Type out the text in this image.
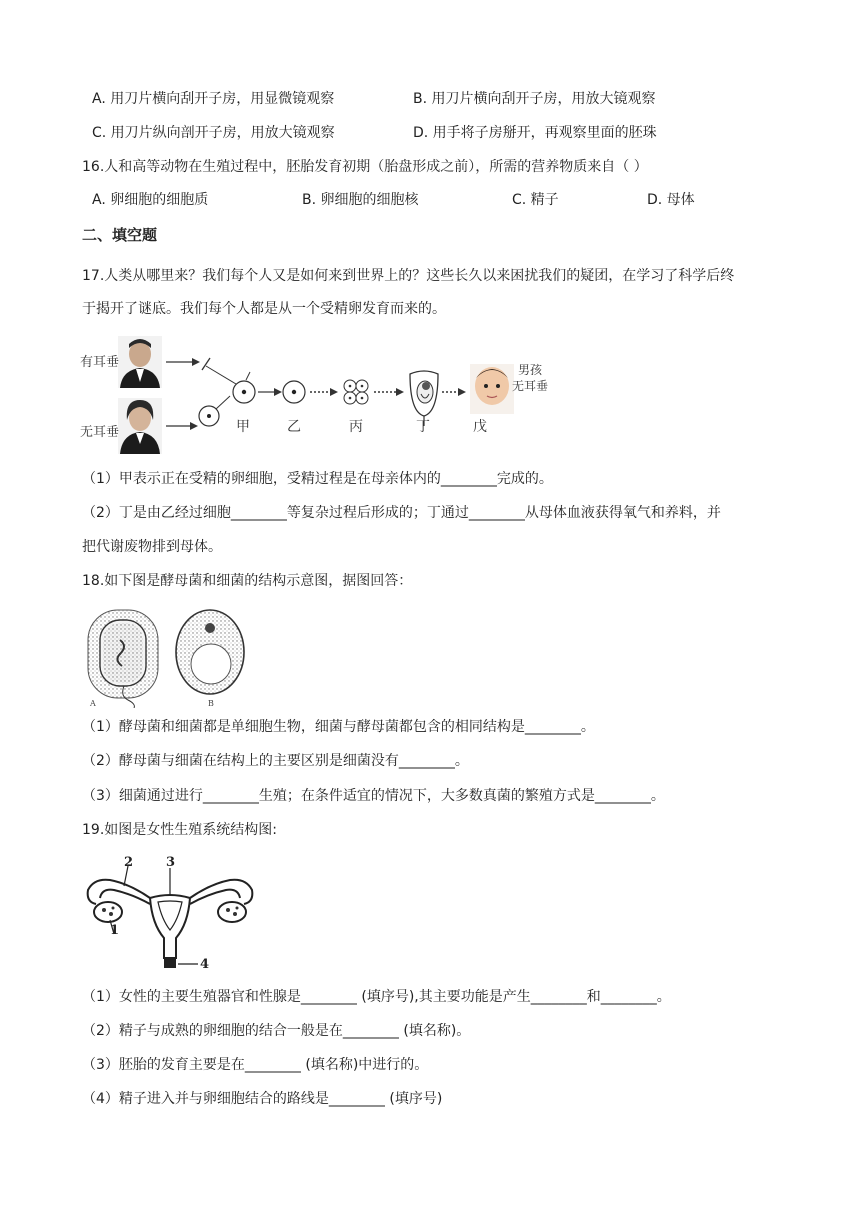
A. 用刀片横向刮开子房，用显微镜观察	B. 用刀片横向刮开子房，用放大镜观察
C. 用刀片纵向剖开子房，用放大镜观察	D. 用手将子房掰开，再观察里面的胚珠
16.人和高等动物在生殖过程中，胚胎发育初期（胎盘形成之前），所需的营养物质来自（ ）
A. 卵细胞的细胞质	B. 卵细胞的细胞核	C. 精子	D. 母体
二、填空题
17.人类从哪里来？我们每个人又是如何来到世界上的？这些长久以来困扰我们的疑团，在学习了科学后终
于揭开了谜底。我们每个人都是从一个受精卵发育而来的。
有耳垂
无耳垂
男孩
无耳垂
甲	乙	丙	丁	戊
（1）甲表示正在受精的卵细胞，受精过程是在母亲体内的________完成的。
（2）丁是由乙经过细胞________等复杂过程后形成的；丁通过________从母体血液获得氧气和养料，并
把代谢废物排到母体。
18.如下图是酵母菌和细菌的结构示意图，据图回答：
A	B
（1）酵母菌和细菌都是单细胞生物，细菌与酵母菌都包含的相同结构是________。
（2）酵母菌与细菌在结构上的主要区别是细菌没有________。
（3）细菌通过进行________生殖；在条件适宜的情况下，大多数真菌的繁殖方式是________。
19.如图是女性生殖系统结构图:
1
2	3
4
（1）女性的主要生殖器官和性腺是________ (填序号),其主要功能是产生________和________。
（2）精子与成熟的卵细胞的结合一般是在________ (填名称)。
（3）胚胎的发育主要是在________ (填名称)中进行的。
（4）精子进入并与卵细胞结合的路线是________ (填序号)
